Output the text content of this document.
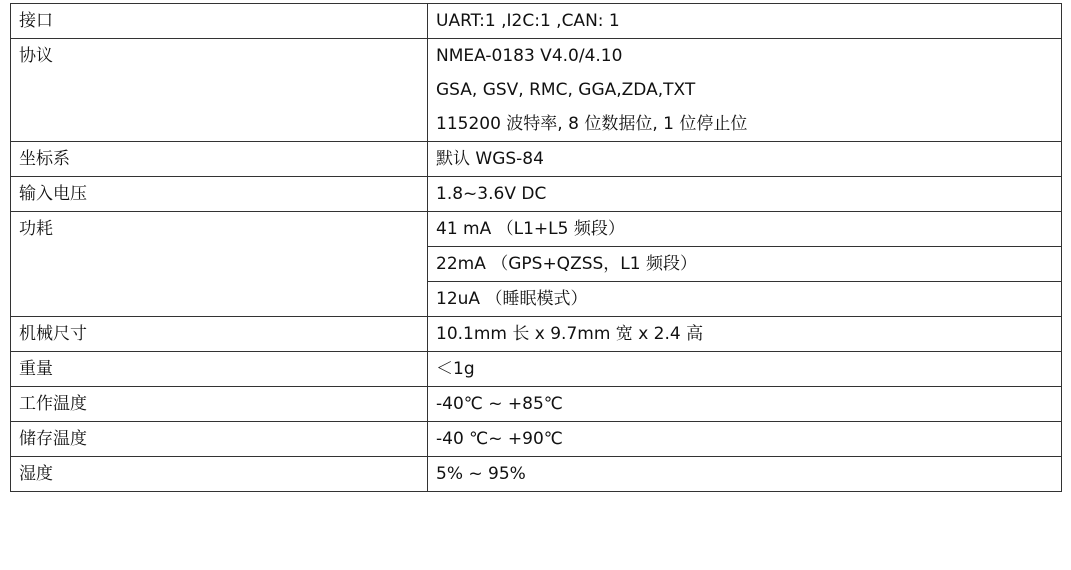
接口	UART:1 ,I2C:1 ,CAN: 1

协议	NMEA-0183 V4.0/4.10
GSA, GSV, RMC, GGA,ZDA,TXT
115200 波特率, 8 位数据位, 1 位停止位

坐标系	默认 WGS-84

输入电压	1.8~3.6V DC

功耗	41 mA （L1+L5 频段）
22mA （GPS+QZSS，L1 频段）
12uA （睡眠模式）

机械尺寸	10.1mm 长 x 9.7mm 宽 x 2.4 高

重量	＜1g

工作温度	-40℃ ~ +85℃

储存温度	-40 ℃~ +90℃

湿度	5% ~ 95%
